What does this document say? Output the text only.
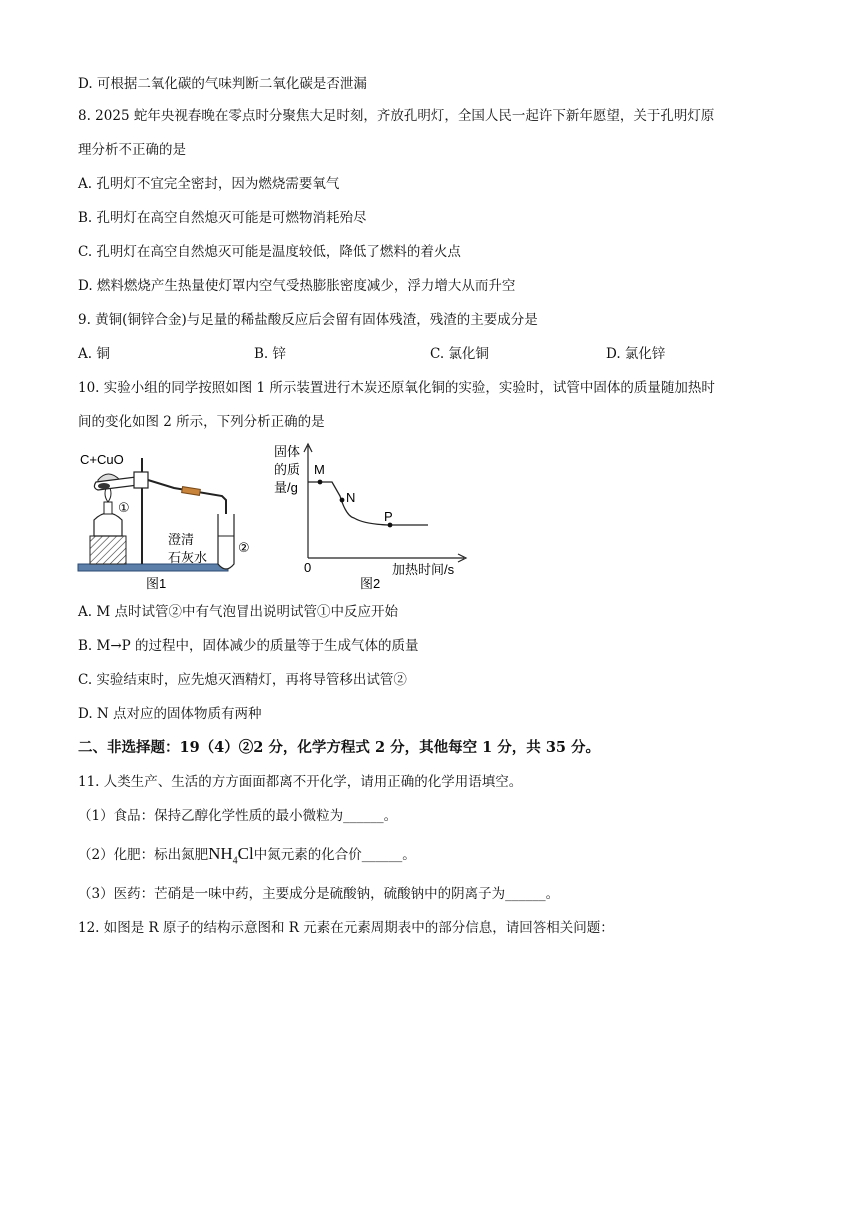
D. 可根据二氧化碳的气味判断二氧化碳是否泄漏
8. 2025 蛇年央视春晚在零点时分聚焦大足时刻，齐放孔明灯，全国人民一起许下新年愿望，关于孔明灯原
理分析不正确的是
A. 孔明灯不宜完全密封，因为燃烧需要氧气
B. 孔明灯在高空自然熄灭可能是可燃物消耗殆尽
C. 孔明灯在高空自然熄灭可能是温度较低，降低了燃料的着火点
D. 燃料燃烧产生热量使灯罩内空气受热膨胀密度减少，浮力增大从而升空
9. 黄铜(铜锌合金)与足量的稀盐酸反应后会留有固体残渣，残渣的主要成分是
A. 铜	B. 锌	C. 氯化铜	D. 氯化锌
10. 实验小组的同学按照如图 1 所示装置进行木炭还原氧化铜的实验，实验时，试管中固体的质量随加热时
间的变化如图 2 所示，下列分析正确的是
C+CuO
①
②
澄清
石灰水
图1
固体
的质
量/g
0	加热时间/s
M
N
P
图2
A. M 点时试管②中有气泡冒出说明试管①中反应开始
B. M→P 的过程中，固体减少的质量等于生成气体的质量
C. 实验结束时，应先熄灭酒精灯，再将导管移出试管②
D. N 点对应的固体物质有两种
二、非选择题：19（4）②2 分，化学方程式 2 分，其他每空 1 分，共 35 分。
11. 人类生产、生活的方方面面都离不开化学，请用正确的化学用语填空。
（1）食品：保持乙醇化学性质的最小微粒为______。
（2）化肥：标出氮肥$NH_4Cl$中氮元素的化合价______。
（3）医药：芒硝是一味中药，主要成分是硫酸钠，硫酸钠中的阴离子为______。
12. 如图是 R 原子的结构示意图和 R 元素在元素周期表中的部分信息，请回答相关问题：
